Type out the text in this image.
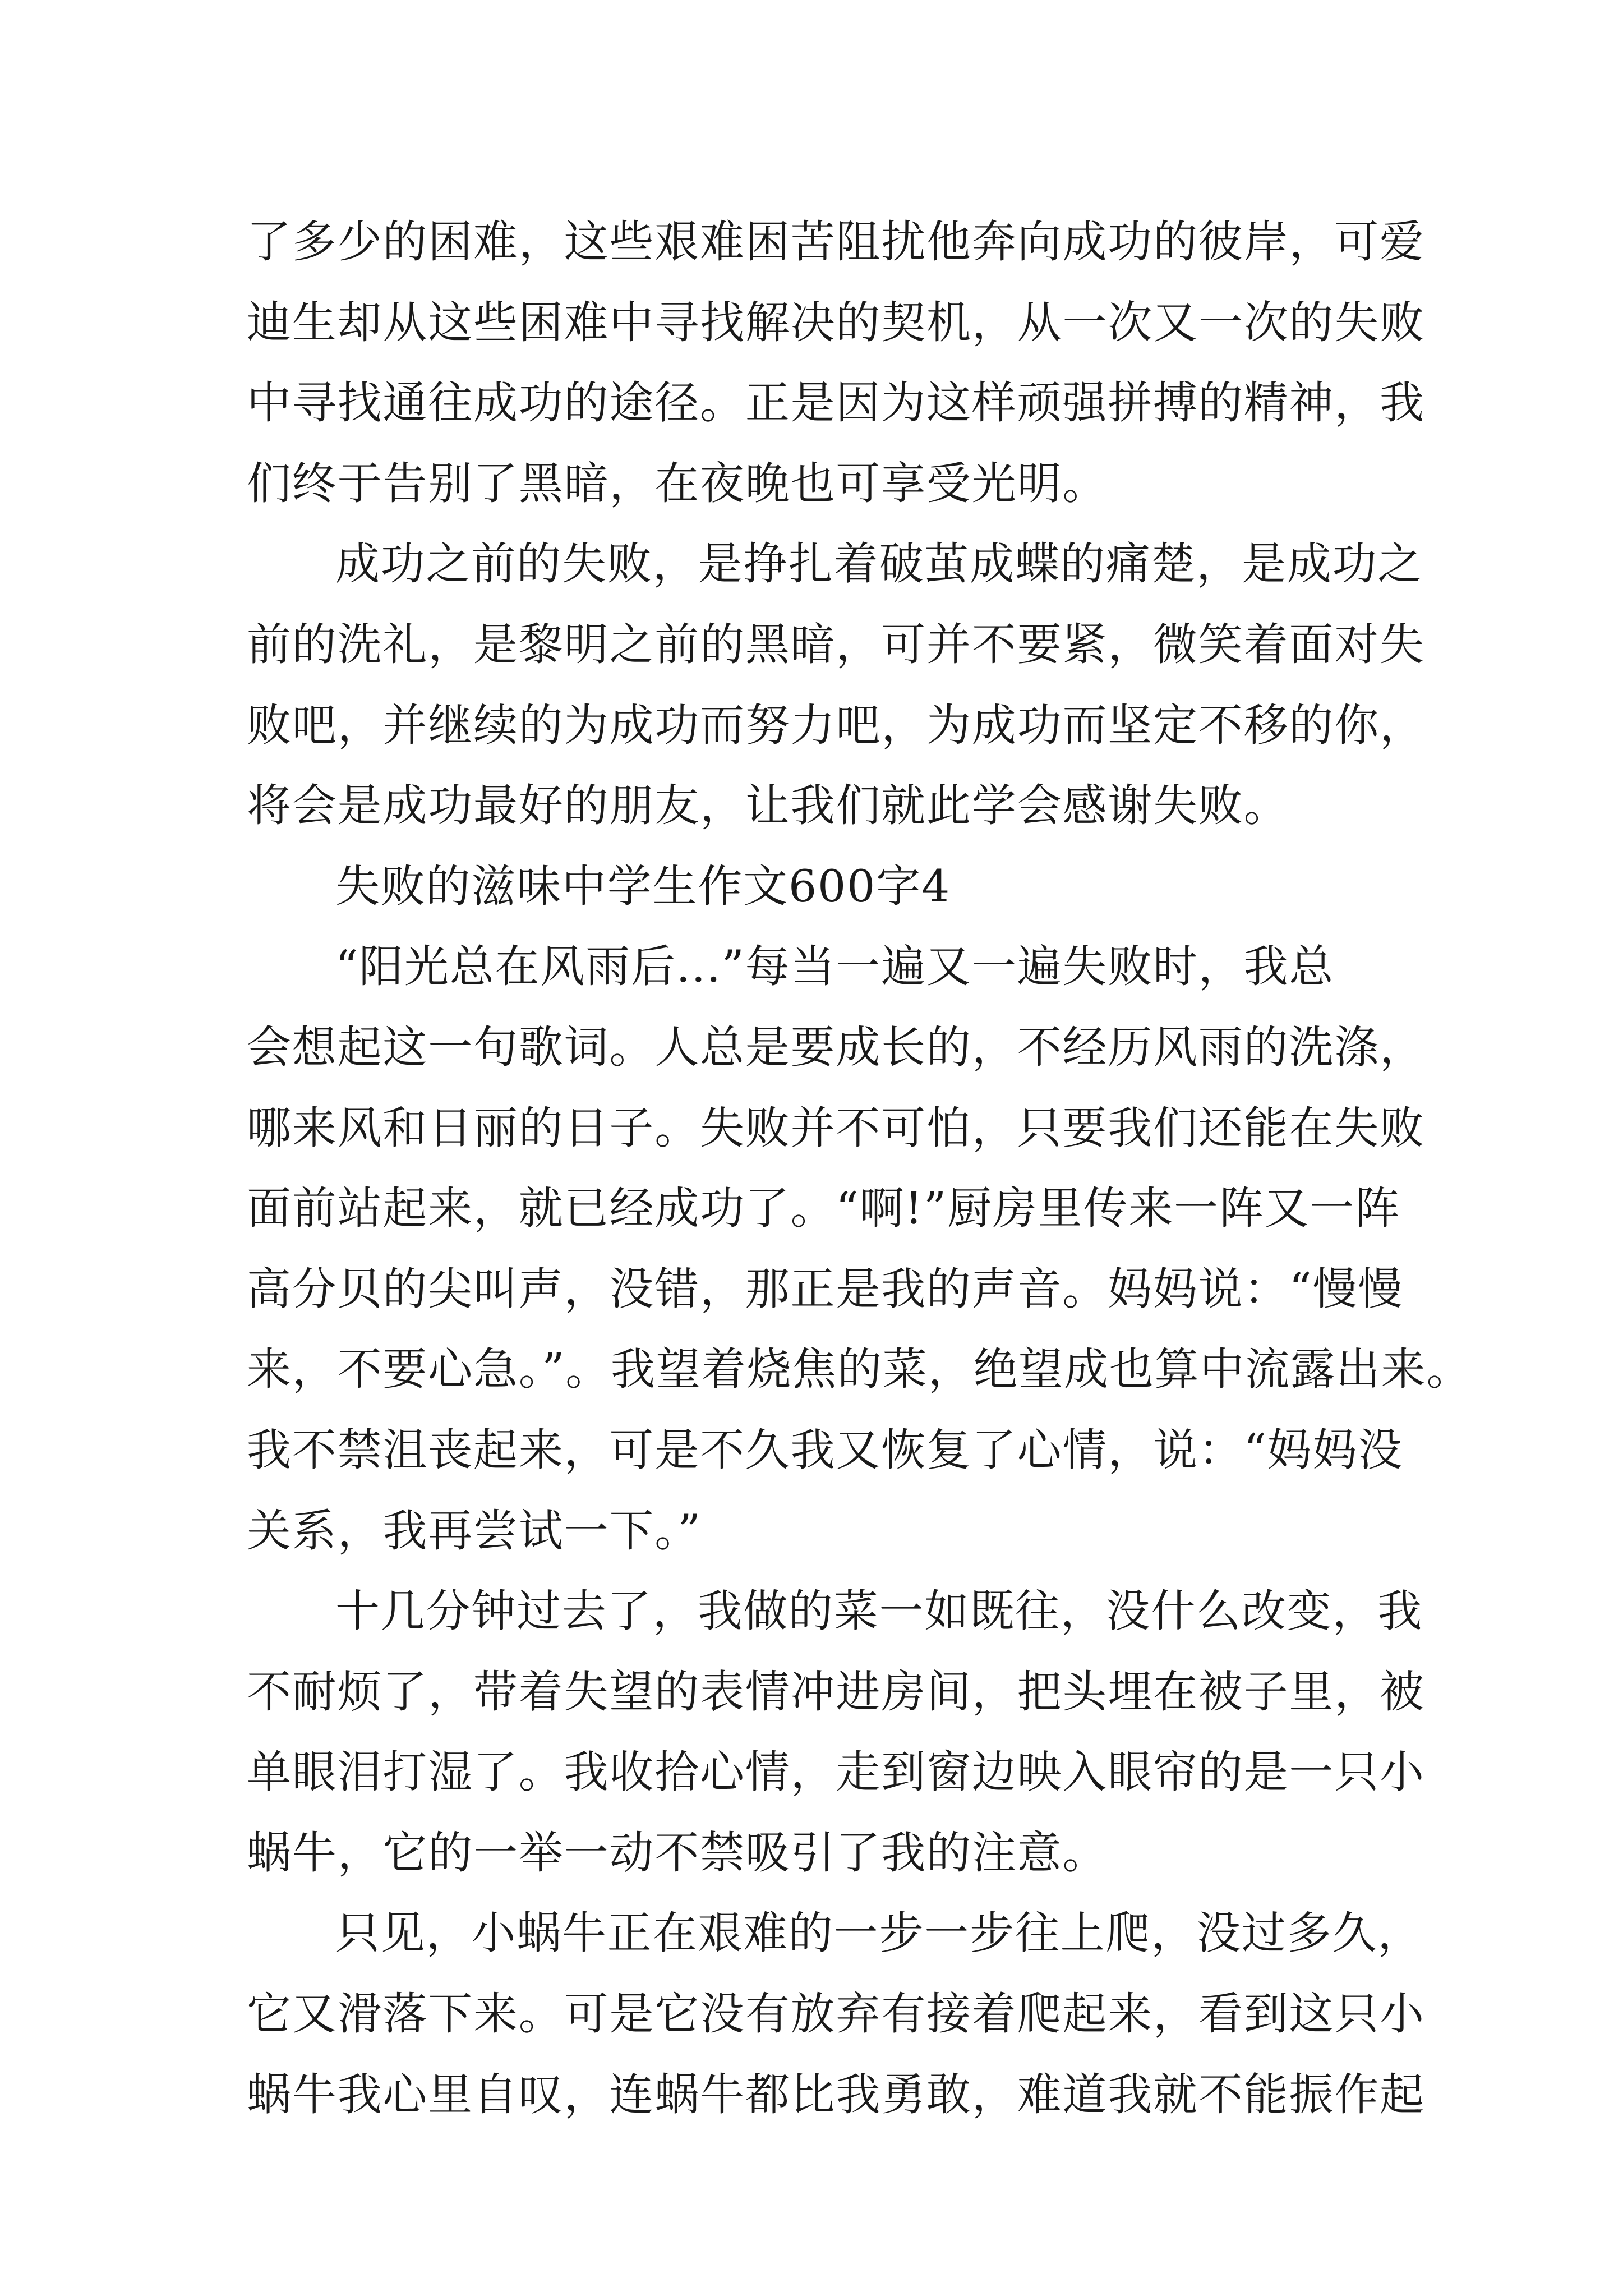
了多少的困难，这些艰难困苦阻扰他奔向成功的彼岸，可爱
迪生却从这些困难中寻找解决的契机，从一次又一次的失败
中寻找通往成功的途径。正是因为这样顽强拼搏的精神，我
们终于告别了黑暗，在夜晚也可享受光明。
成功之前的失败，是挣扎着破茧成蝶的痛楚，是成功之
前的洗礼，是黎明之前的黑暗，可并不要紧，微笑着面对失
败吧，并继续的为成功而努力吧，为成功而坚定不移的你，
将会是成功最好的朋友，让我们就此学会感谢失败。
失败的滋味中学生作文600字4
“阳光总在风雨后...”每当一遍又一遍失败时，我总
会想起这一句歌词。人总是要成长的，不经历风雨的洗涤，
哪来风和日丽的日子。失败并不可怕，只要我们还能在失败
面前站起来，就已经成功了。“啊!”厨房里传来一阵又一阵
高分贝的尖叫声，没错，那正是我的声音。妈妈说：“慢慢
来，不要心急。”。我望着烧焦的菜，绝望成也算中流露出来。
我不禁沮丧起来，可是不久我又恢复了心情，说：“妈妈没
关系，我再尝试一下。”
十几分钟过去了，我做的菜一如既往，没什么改变，我
不耐烦了，带着失望的表情冲进房间，把头埋在被子里，被
单眼泪打湿了。我收拾心情，走到窗边映入眼帘的是一只小
蜗牛，它的一举一动不禁吸引了我的注意。
只见，小蜗牛正在艰难的一步一步往上爬，没过多久，
它又滑落下来。可是它没有放弃有接着爬起来，看到这只小
蜗牛我心里自叹，连蜗牛都比我勇敢，难道我就不能振作起
